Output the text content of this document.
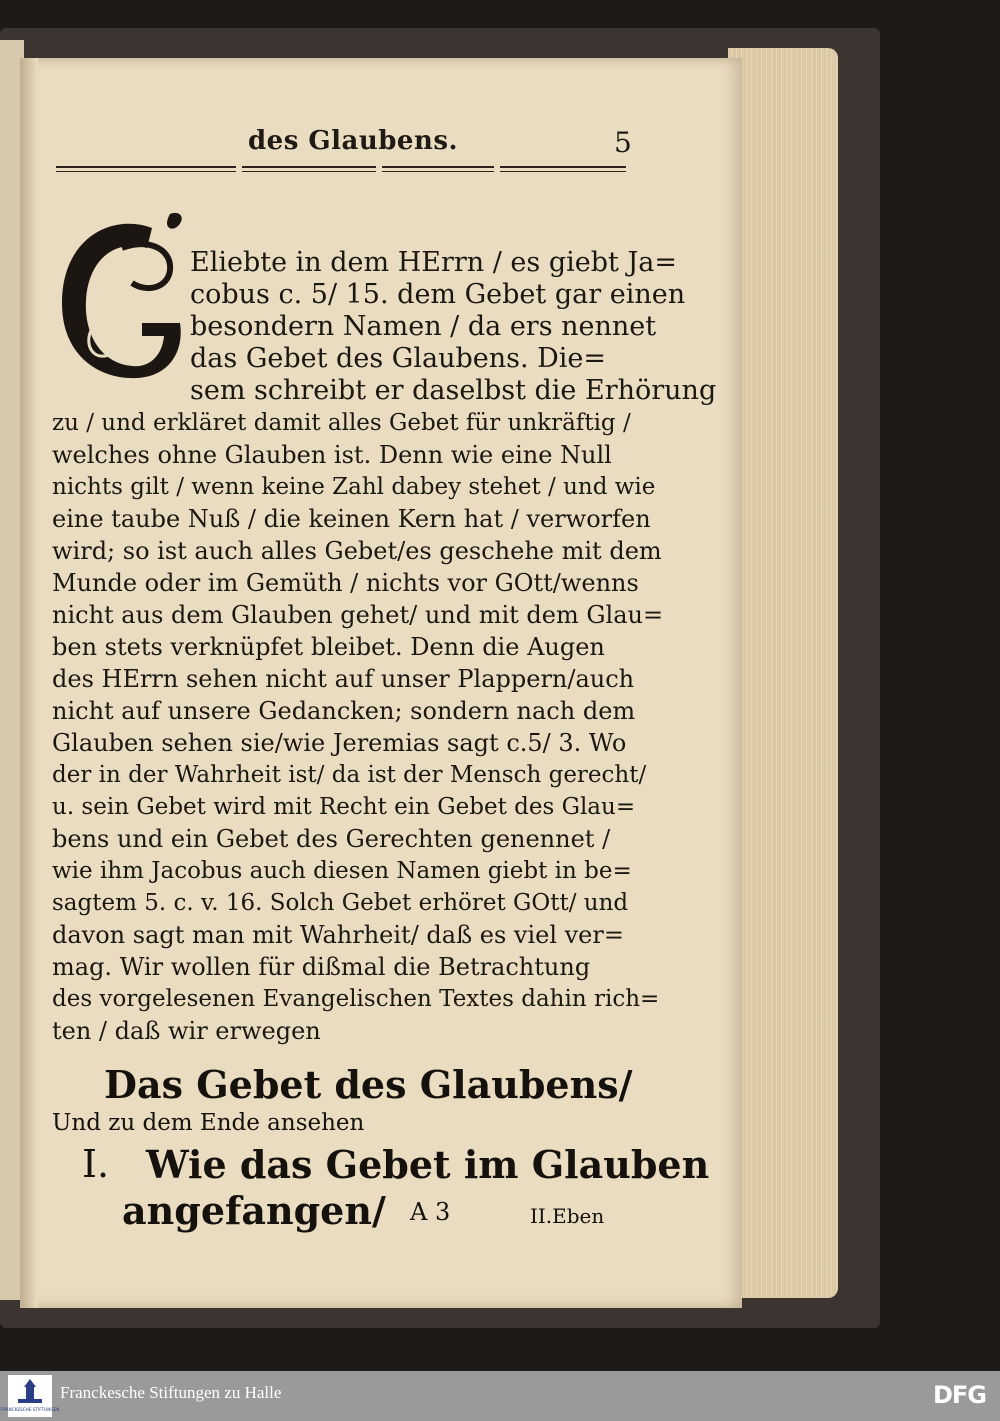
des Glaubens.	5
G
Eliebte in dem HErrn / es giebt Ja=
cobus c. 5/ 15. dem Gebet gar einen
besondern Namen / da ers nennet
das Gebet des Glaubens. Die=
sem schreibt er daselbst die Erhörung
zu / und erkläret damit alles Gebet für unkräftig /
welches ohne Glauben ist. Denn wie eine Null
nichts gilt / wenn keine Zahl dabey stehet / und wie
eine taube Nuß / die keinen Kern hat / verworfen
wird; so ist auch alles Gebet/es geschehe mit dem
Munde oder im Gemüth / nichts vor GOtt/wenns
nicht aus dem Glauben gehet/ und mit dem Glau=
ben stets verknüpfet bleibet. Denn die Augen
des HErrn sehen nicht auf unser Plappern/auch
nicht auf unsere Gedancken; sondern nach dem
Glauben sehen sie/wie Jeremias sagt c.5/ 3. Wo
der in der Wahrheit ist/ da ist der Mensch gerecht/
u. sein Gebet wird mit Recht ein Gebet des Glau=
bens und ein Gebet des Gerechten genennet /
wie ihm Jacobus auch diesen Namen giebt in be=
sagtem 5. c. v. 16. Solch Gebet erhöret GOtt/ und
davon sagt man mit Wahrheit/ daß es viel ver=
mag. Wir wollen für dißmal die Betrachtung
des vorgelesenen Evangelischen Textes dahin rich=
ten / daß wir erwegen
Das Gebet des Glaubens/
Und zu dem Ende ansehen
I. Wie das Gebet im Glauben
angefangen/ A 3	II.Eben
FRANCKESCHE STIFTUNGEN
Franckesche Stiftungen zu Halle	DFG
